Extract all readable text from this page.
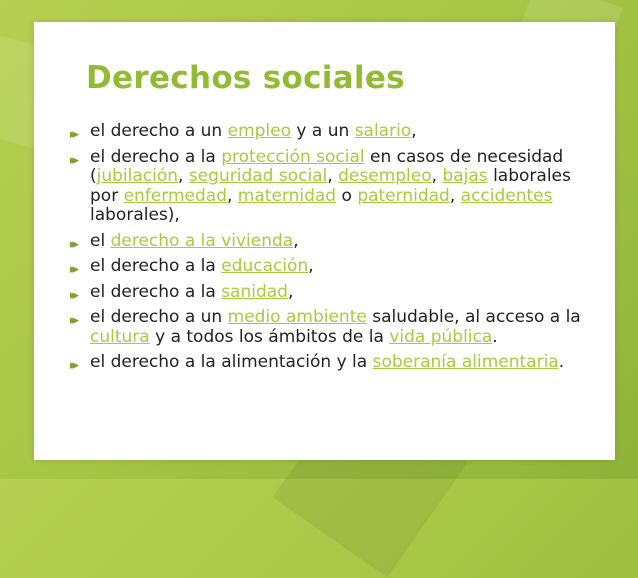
Derechos sociales
▸▸ el derecho a un empleo y a un salario,
▸▸ el derecho a la protección social en casos de necesidad (jubilación, seguridad social, desempleo, bajas laborales por enfermedad, maternidad o paternidad, accidentes laborales),
▸▸ el derecho a la vivienda,
▸▸ el derecho a la educación,
▸▸ el derecho a la sanidad,
▸▸ el derecho a un medio ambiente saludable, al acceso a la cultura y a todos los ámbitos de la vida pública.
▸▸ el derecho a la alimentación y la soberanía alimentaria.
